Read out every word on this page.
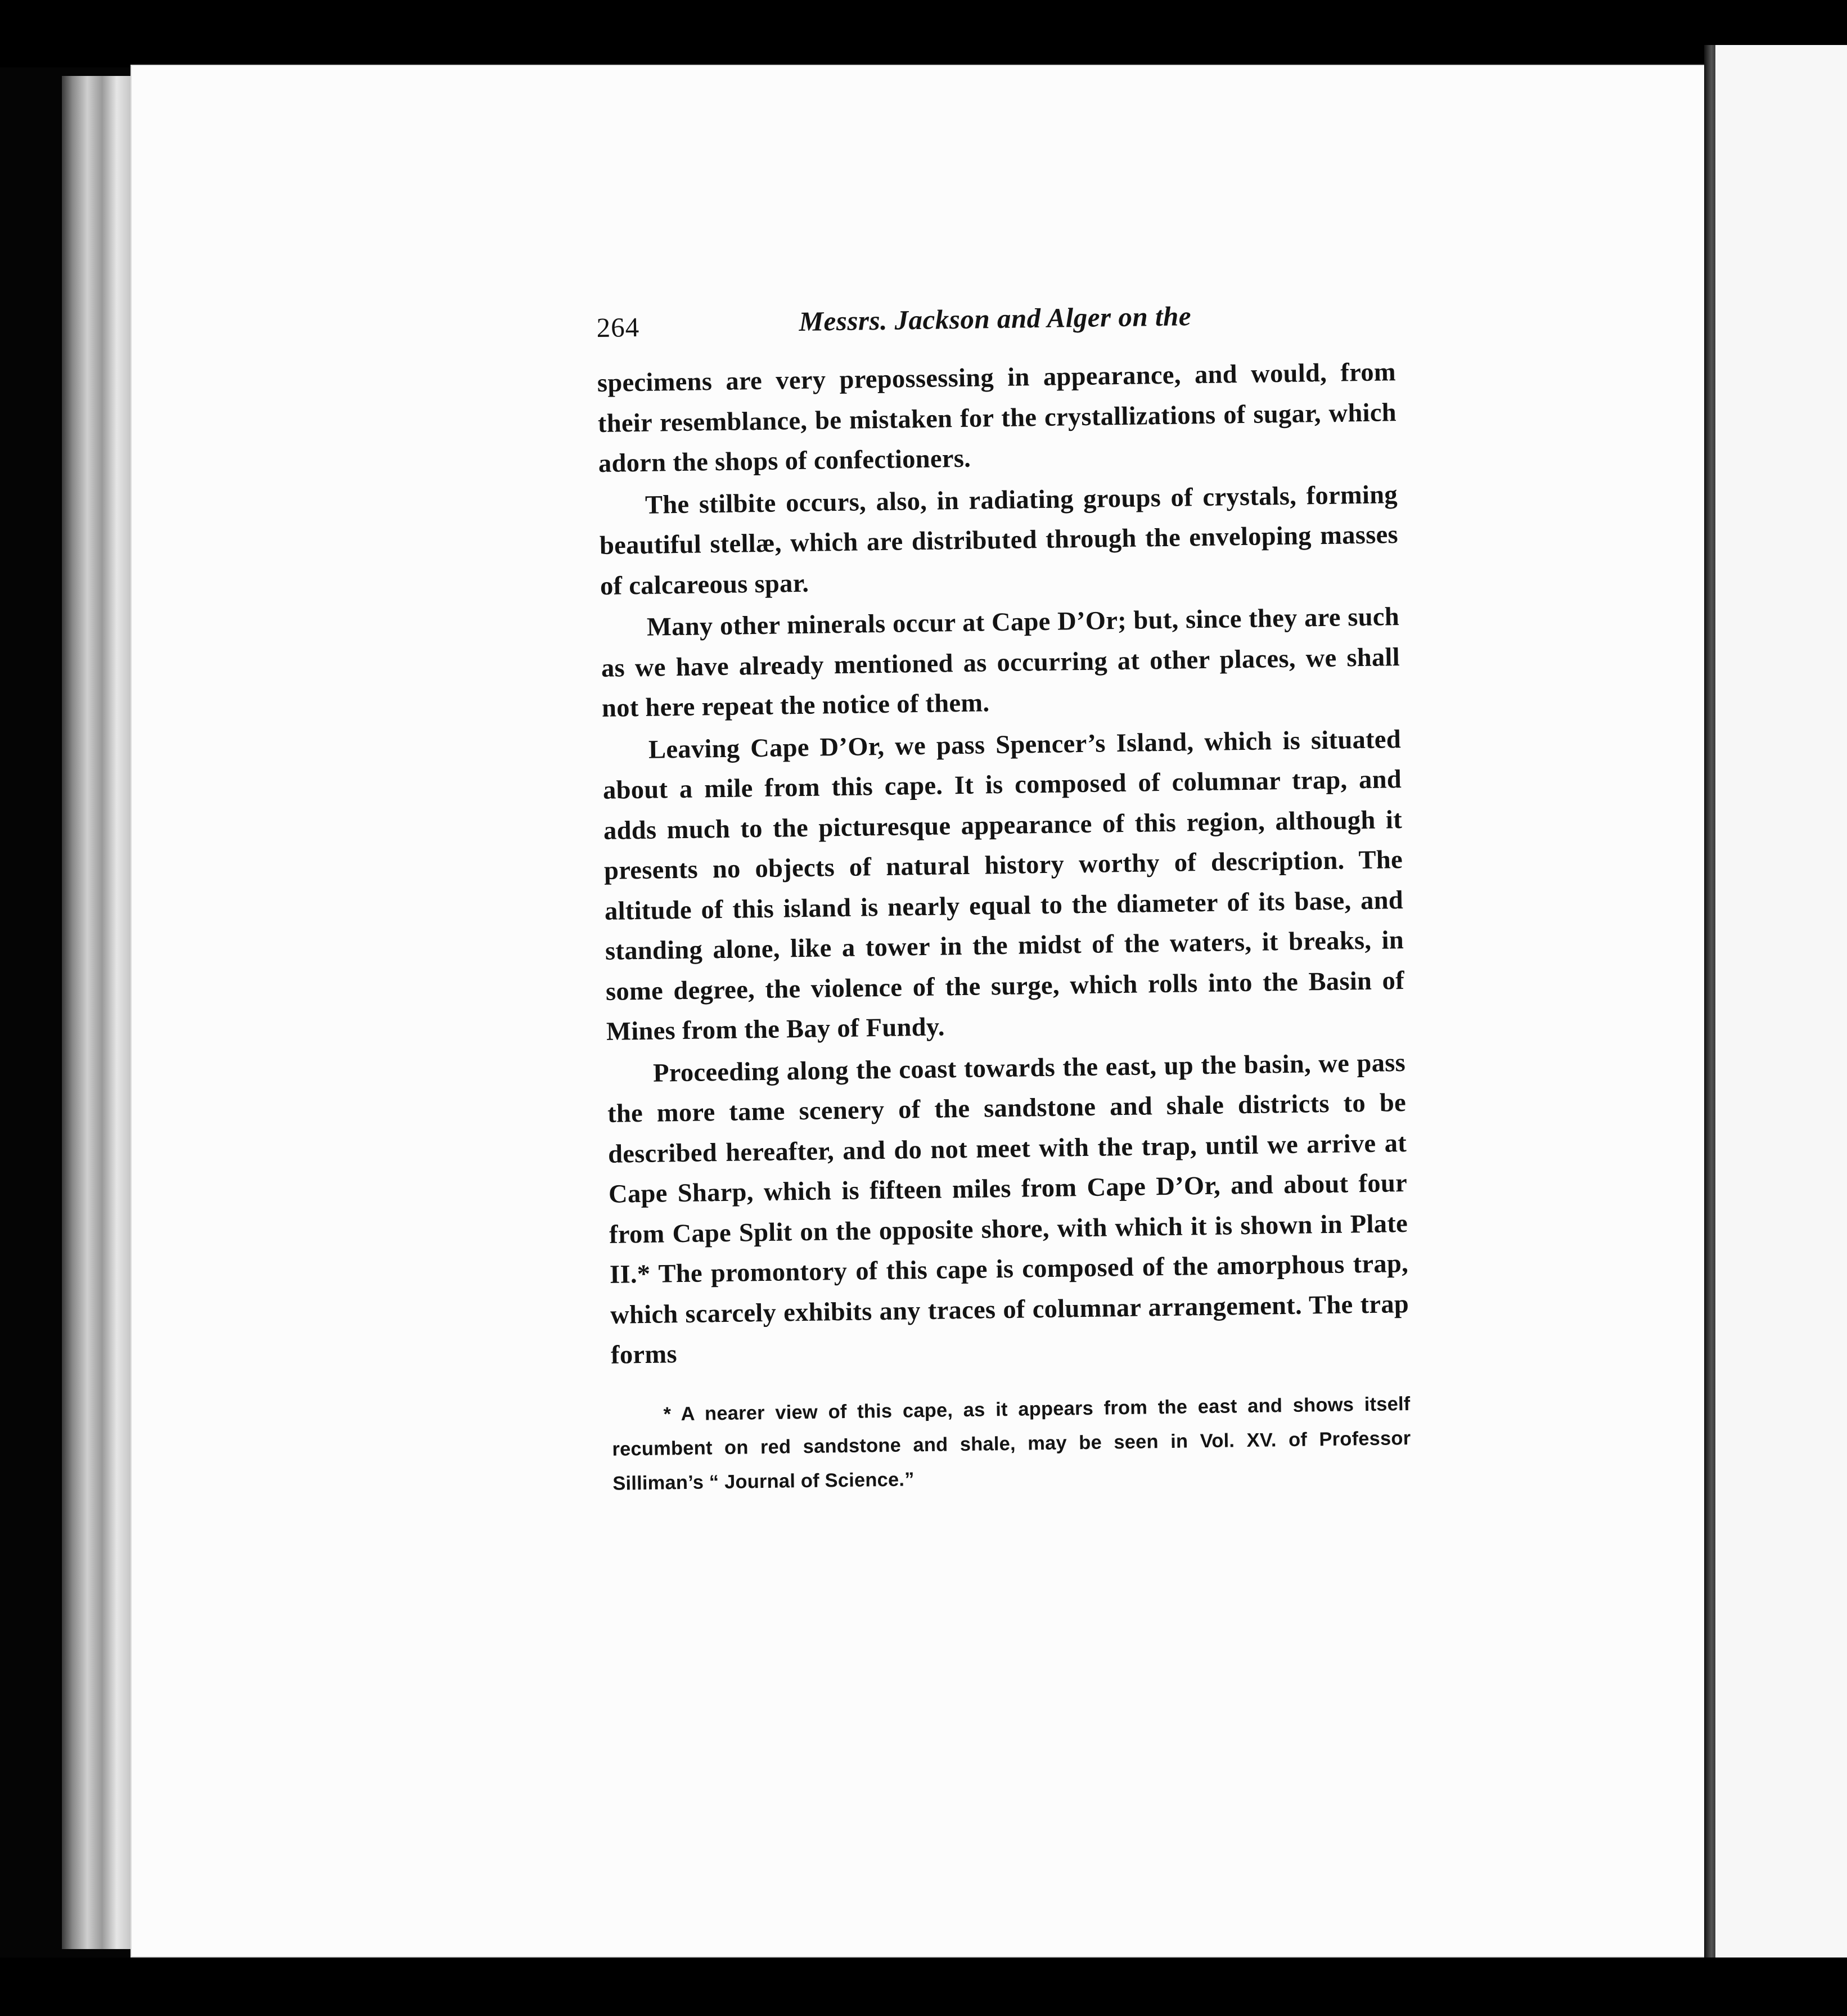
264	Messrs. Jackson and Alger on the

specimens are very prepossessing in appearance, and would, from their resemblance, be mistaken for the crystallizations of sugar, which adorn the shops of confectioners.

The stilbite occurs, also, in radiating groups of crystals, forming beautiful stellæ, which are distributed through the enveloping masses of calcareous spar.

Many other minerals occur at Cape D’Or; but, since they are such as we have already mentioned as occurring at other places, we shall not here repeat the notice of them.

Leaving Cape D’Or, we pass Spencer’s Island, which is situated about a mile from this cape. It is composed of columnar trap, and adds much to the picturesque appearance of this region, although it presents no objects of natural history worthy of description. The altitude of this island is nearly equal to the diameter of its base, and standing alone, like a tower in the midst of the waters, it breaks, in some degree, the violence of the surge, which rolls into the Basin of Mines from the Bay of Fundy.

Proceeding along the coast towards the east, up the basin, we pass the more tame scenery of the sandstone and shale districts to be described hereafter, and do not meet with the trap, until we arrive at Cape Sharp, which is fifteen miles from Cape D’Or, and about four from Cape Split on the opposite shore, with which it is shown in Plate II.* The promontory of this cape is composed of the amorphous trap, which scarcely exhibits any traces of columnar arrangement. The trap forms

* A nearer view of this cape, as it appears from the east and shows itself recumbent on red sandstone and shale, may be seen in Vol. XV. of Professor Silliman’s “ Journal of Science.”
